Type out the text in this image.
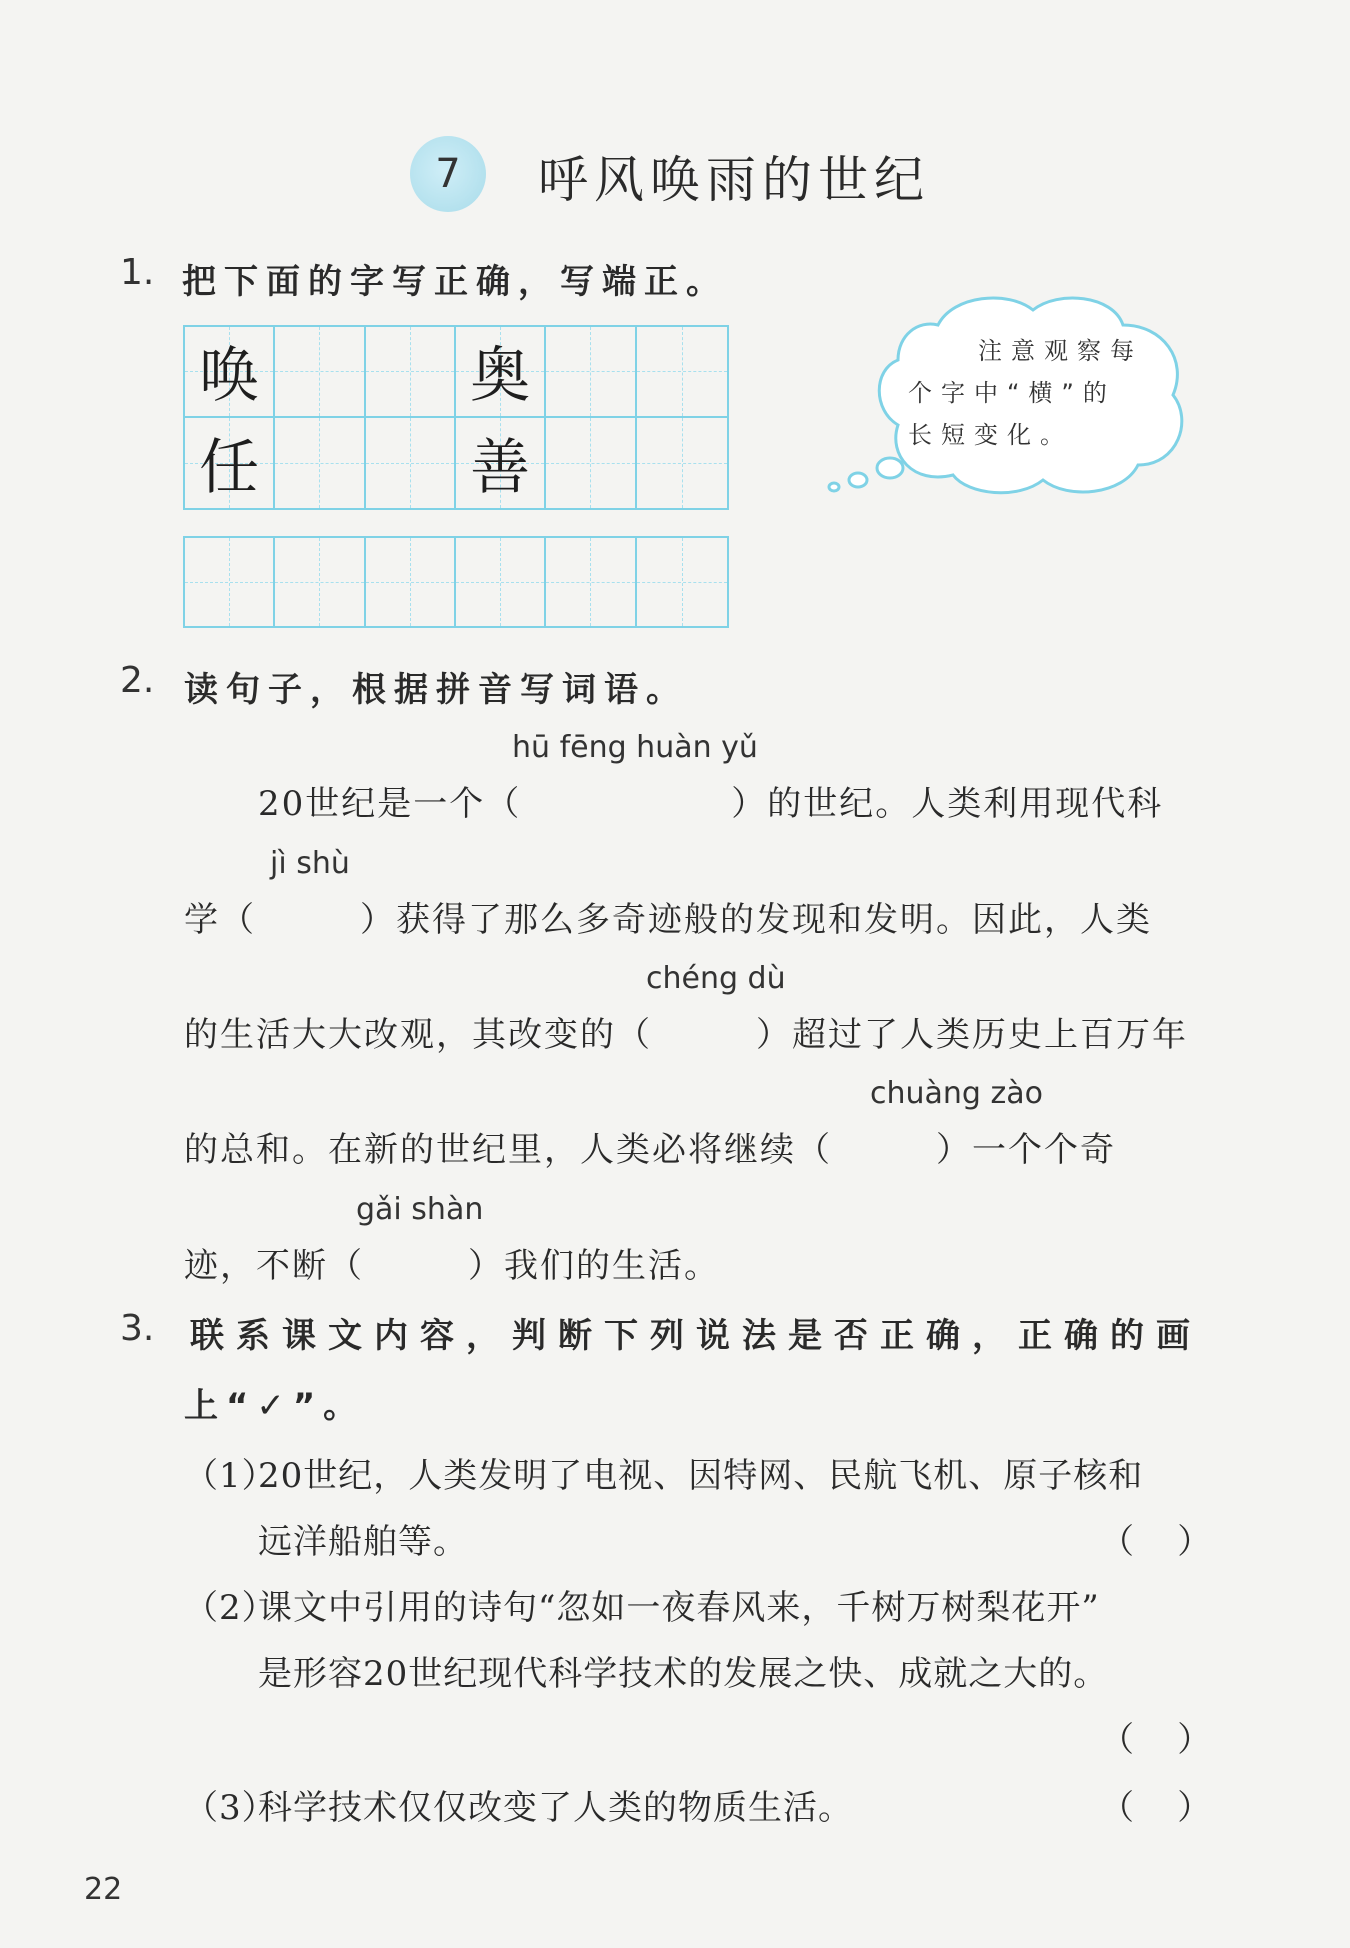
7 呼风唤雨的世纪
1. 把下面的字写正确，写端正。
唤	奥
任	善
注意观察每
个字中“横”的
长短变化。
2. 读句子，根据拼音写词语。
hū fēng huàn yǔ
20世纪是一个（	）的世纪。人类利用现代科
jì shù
学（	）获得了那么多奇迹般的发现和发明。因此，人类
chéng dù
的生活大大改观，其改变的（	）超过了人类历史上百万年
chuàng zào
的总和。在新的世纪里，人类必将继续（	）一个个奇
gǎi shàn
迹，不断（	）我们的生活。
3. 联系课文内容，判断下列说法是否正确，正确的画
上“✓”。
（1）
20世纪，人类发明了电视、因特网、民航飞机、原子核和
远洋船舶等。	（    ）
（2）
课文中引用的诗句“忽如一夜春风来，千树万树梨花开”
是形容20世纪现代科学技术的发展之快、成就之大的。
（    ）
（3）
科学技术仅仅改变了人类的物质生活。	（    ）
22
